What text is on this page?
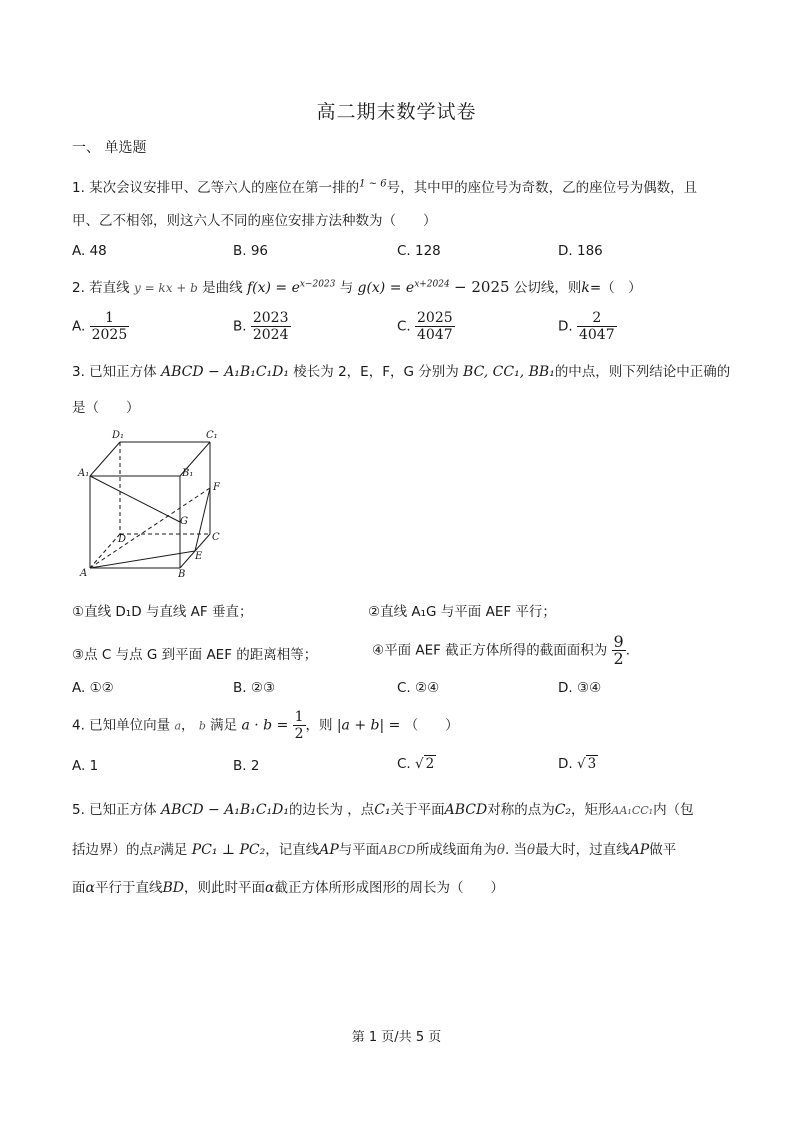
高二期末数学试卷
一、 单选题
1. 某次会议安排甲、乙等六人的座位在第一排的$^{1 \sim 6}$号，其中甲的座位号为奇数，乙的座位号为偶数，且
甲、乙不相邻，则这六人不同的座位安排方法种数为（　　）
A. 48	B. 96	C. 128	D. 186
2. 若直线 y = kx + b 是曲线 $f(x) = e^{x-2023}$ 与 $g(x) = e^{x+2024} - 2025$ 公切线，则k=（　）
A. $\frac{1}{2025}$	B. $\frac{2023}{2024}$	C. $\frac{2025}{4047}$	D. $\frac{2}{4047}$
3. 已知正方体 ABCD − A₁B₁C₁D₁ 棱长为 2，E，F，G 分别为 BC, CC₁, BB₁的中点，则下列结论中正确的
是（　　）
D₁	C₁
A₁	B₁
F
G
D	C
E
A	B
①直线 D₁D 与直线 AF 垂直；	②直线 A₁G 与平面 AEF 平行；
③点 C 与点 G 到平面 AEF 的距离相等；	④平面 AEF 截正方体所得的截面面积为 $\frac{9}{2}$ .
A. ①②	B. ②③	C. ②④	D. ③④
4. 已知单位向量 a， b 满足 $a \cdot b = \frac{1}{2}$ ，则 |a + b| = （　　）
A. 1	B. 2	C. √ 2	D. √ 3
5. 已知正方体 ABCD − A₁B₁C₁D₁的边长为 ，点C₁关于平面ABCD对称的点为C₂，矩形AA₁CC₁内（包
括边界）的点P满足 PC₁ ⊥ PC₂，记直线AP与平面ABCD所成线面角为θ. 当θ最大时，过直线AP做平
面α平行于直线BD，则此时平面α截正方体所形成图形的周长为（　　）
第 1 页/共 5 页
